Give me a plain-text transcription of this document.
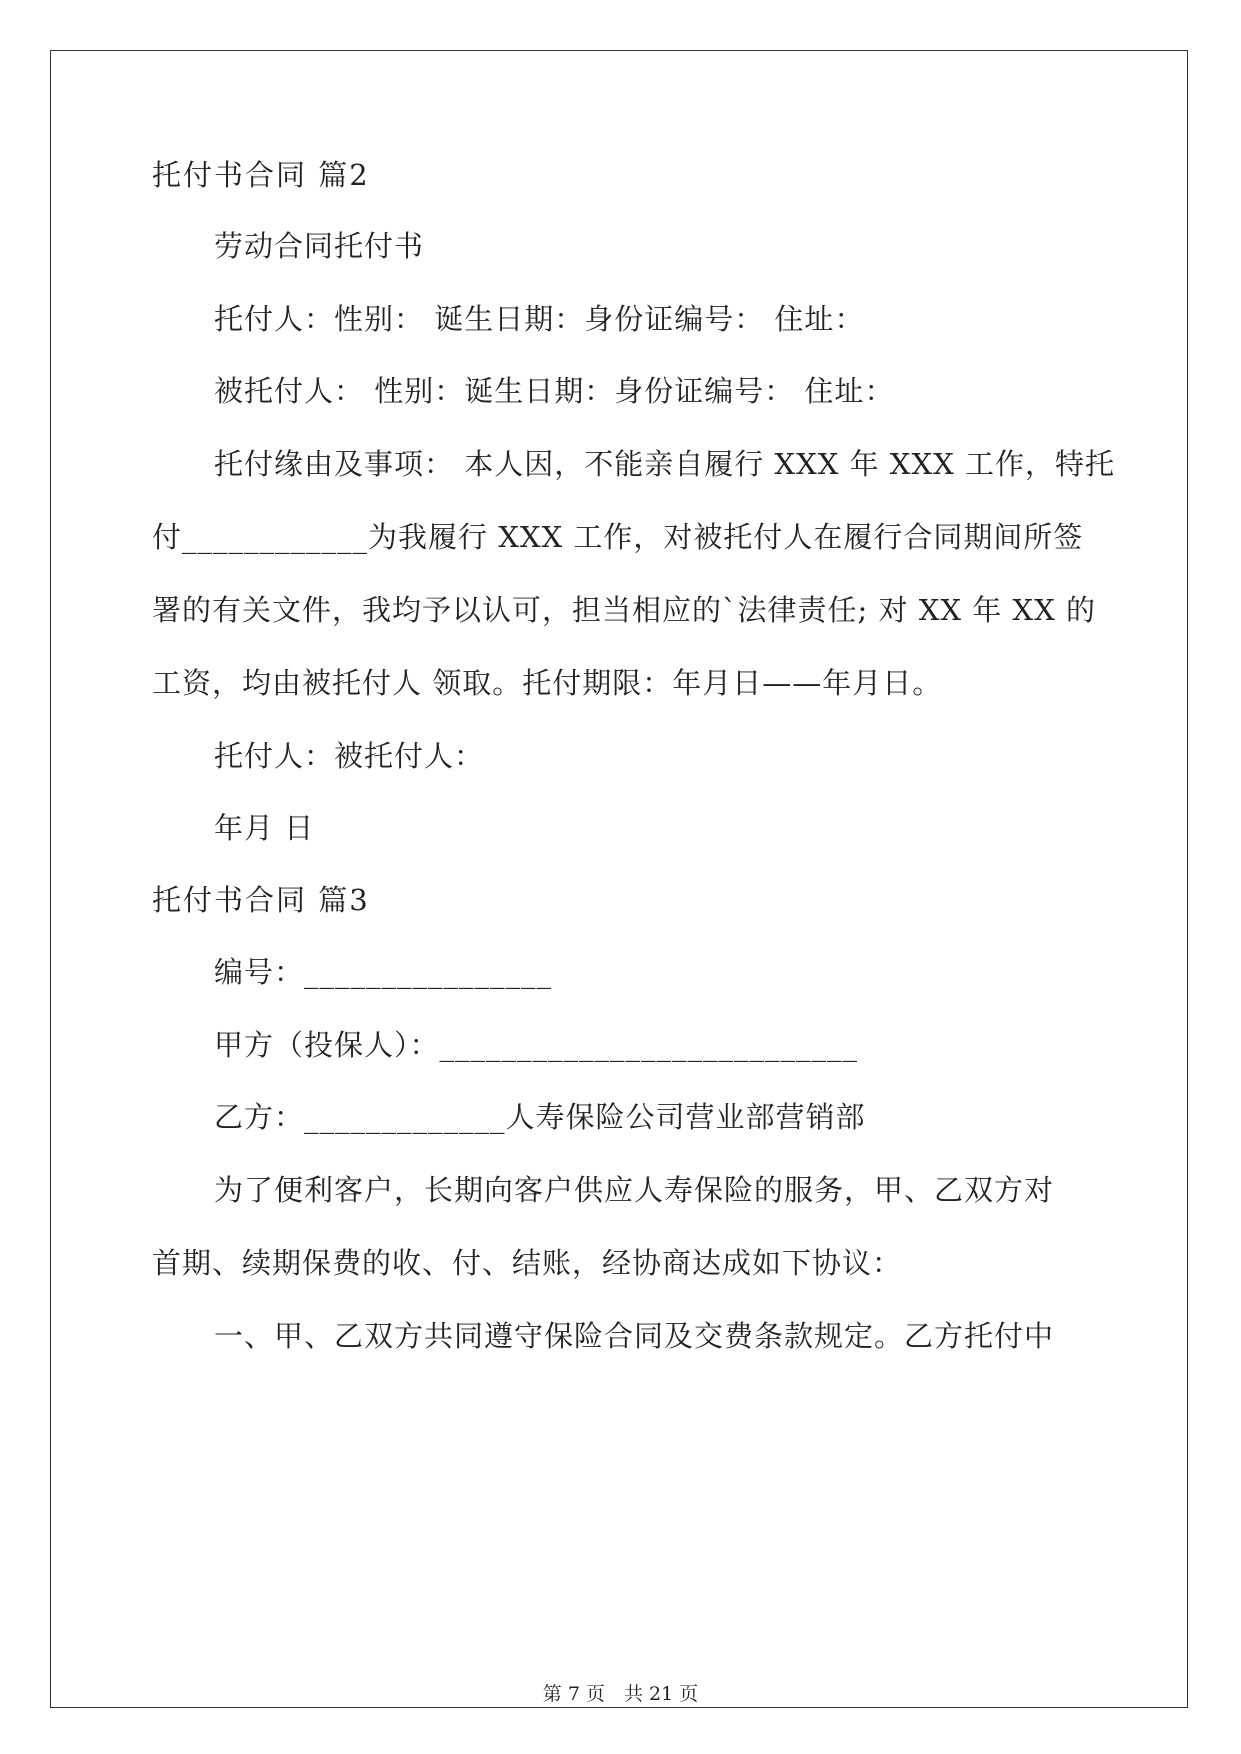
托付书合同 篇2
劳动合同托付书
托付人：性别： 诞生日期：身份证编号： 住址：
被托付人： 性别：诞生日期：身份证编号： 住址：
托付缘由及事项： 本人因，不能亲自履行 XXX 年 XXX 工作，特托
付____________为我履行 XXX 工作，对被托付人在履行合同期间所签
署的有关文件，我均予以认可，担当相应的`法律责任; 对 XX 年 XX 的
工资，均由被托付人 领取。托付期限：年月日——年月日。
托付人：被托付人：
年月 日
托付书合同 篇3
编号：________________
甲方（投保人）：___________________________
乙方：_____________人寿保险公司营业部营销部
为了便利客户，长期向客户供应人寿保险的服务，甲、乙双方对
首期、续期保费的收、付、结账，经协商达成如下协议：
一、甲、乙双方共同遵守保险合同及交费条款规定。乙方托付中
第 7 页　共 21 页
